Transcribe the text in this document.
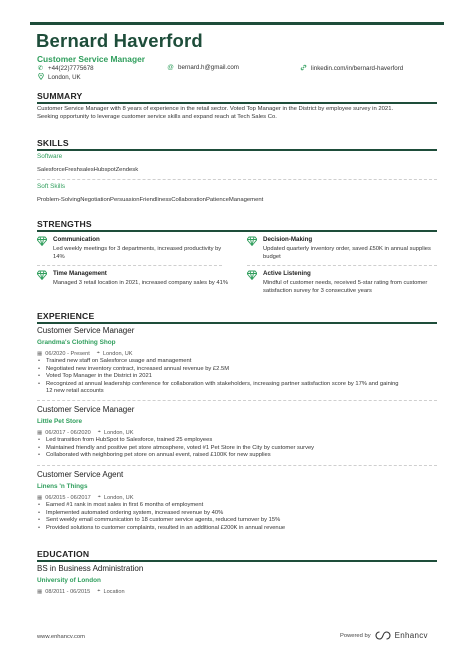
Bernard Haverford
Customer Service Manager
✆ +44(22)7775678	@ bernard.h@gmail.com	linkedin.com/in/bernard-haverford
London, UK
SUMMARY
Customer Service Manager with 8 years of experience in the retail sector. Voted Top Manager in the District by employee survey in 2021.
Seeking opportunity to leverage customer service skills and expand reach at Tech Sales Co.
SKILLS
Software
SalesforceFreshsalesHubspotZendesk
Soft Skills
Problem-SolvingNegotiationPersuasionFriendlinessCollaborationPatienceManagement
STRENGTHS
Communication
Led weekly meetings for 3 departments, increased productivity by 14%
Decision-Making
Updated quarterly inventory order, saved £50K in annual supplies budget
Time Management
Managed 3 retail location in 2021, increased company sales by 41%
Active Listening
Mindful of customer needs, received 5-star rating from customer satisfaction survey for 3 consecutive years
EXPERIENCE
Customer Service Manager
Grandma's Clothing Shop
▦ 06/2020 - Present ⌖ London, UK
• Trained new staff on Salesforce usage and management
• Negotiated new inventory contract, increased annual revenue by £2.5M
• Voted Top Manager in the District in 2021
• Recognized at annual leadership conference for collaboration with stakeholders, increasing partner satisfaction score by 17% and gaining
12 new retail accounts
Customer Service Manager
Little Pet Store
▦ 06/2017 - 06/2020 ⌖ London, UK
• Led transition from HubSpot to Salesforce, trained 25 employees
• Maintained friendly and positive pet store atmosphere, voted #1 Pet Store in the City by customer survey
• Collaborated with neighboring pet store on annual event, raised £100K for new supplies
Customer Service Agent
Linens 'n Things
▦ 06/2015 - 06/2017 ⌖ London, UK
• Earned #1 rank in most sales in first 6 months of employment
• Implemented automated ordering system, increased revenue by 40%
• Sent weekly email communication to 18 customer service agents, reduced turnover by 15%
• Provided solutions to customer complaints, resulted in an additional £200K in annual revenue
EDUCATION
BS in Business Administration
University of London
▦ 08/2011 - 06/2015 ⌖ Location
www.enhancv.com	Powered by	Enhancv
